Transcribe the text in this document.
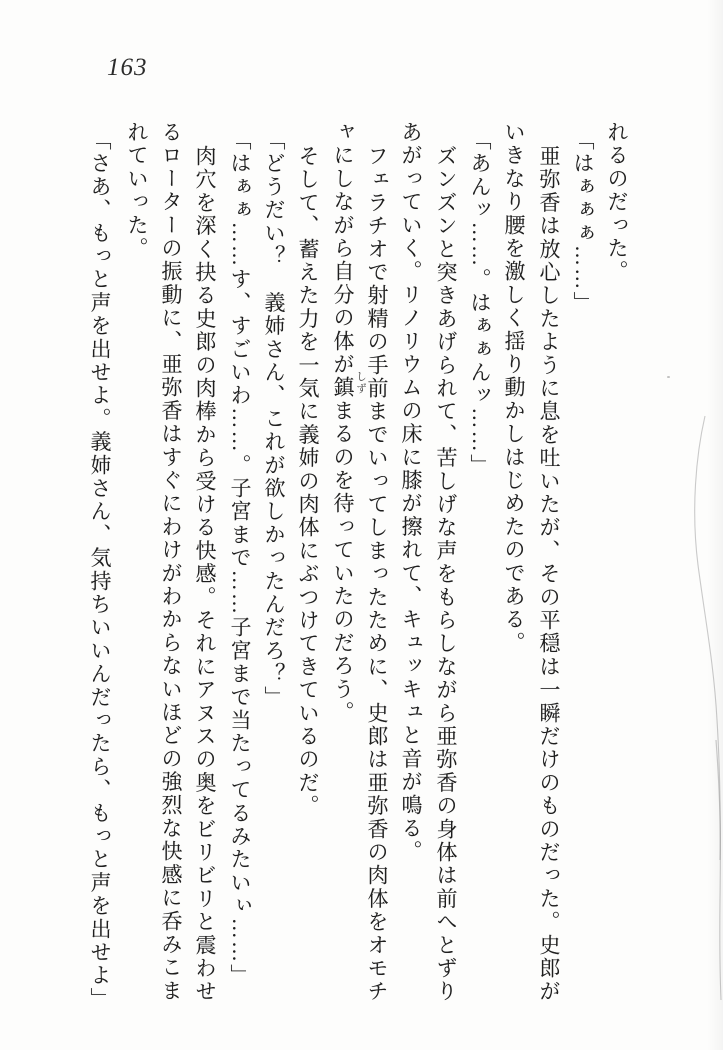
163
れるのだった。
「はぁぁぁ……」
亜弥香は放心したように息を吐いたが、その平穏は一瞬だけのものだった。史郎が
いきなり腰を激しく揺り動かしはじめたのである。
「あんッ……。はぁぁんッ……」
ズンズンと突きあげられて、苦しげな声をもらしながら亜弥香の身体は前へとずり
あがっていく。リノリウムの床に膝が擦れて、キュッキュと音が鳴る。
フェラチオで射精の手前までいってしまったために、史郎は亜弥香の肉体をオモチ
ャにしながら自分の体が鎮まるのを待っていたのだろう。
そして、蓄えた力を一気に義姉の肉体にぶつけてきているのだ。
「どうだい？　義姉さん、これが欲しかったんだろ？」
「はぁぁ……す、すごいわ……。子宮まで……子宮まで当たってるみたいぃ……」
肉穴を深く抉る史郎の肉棒から受ける快感。それにアヌスの奥をビリビリと震わせ
るローターの振動に、亜弥香はすぐにわけがわからないほどの強烈な快感に呑みこま
れていった。
「さあ、もっと声を出せよ。義姉さん、気持ちいいんだったら、もっと声を出せよ」	しず
